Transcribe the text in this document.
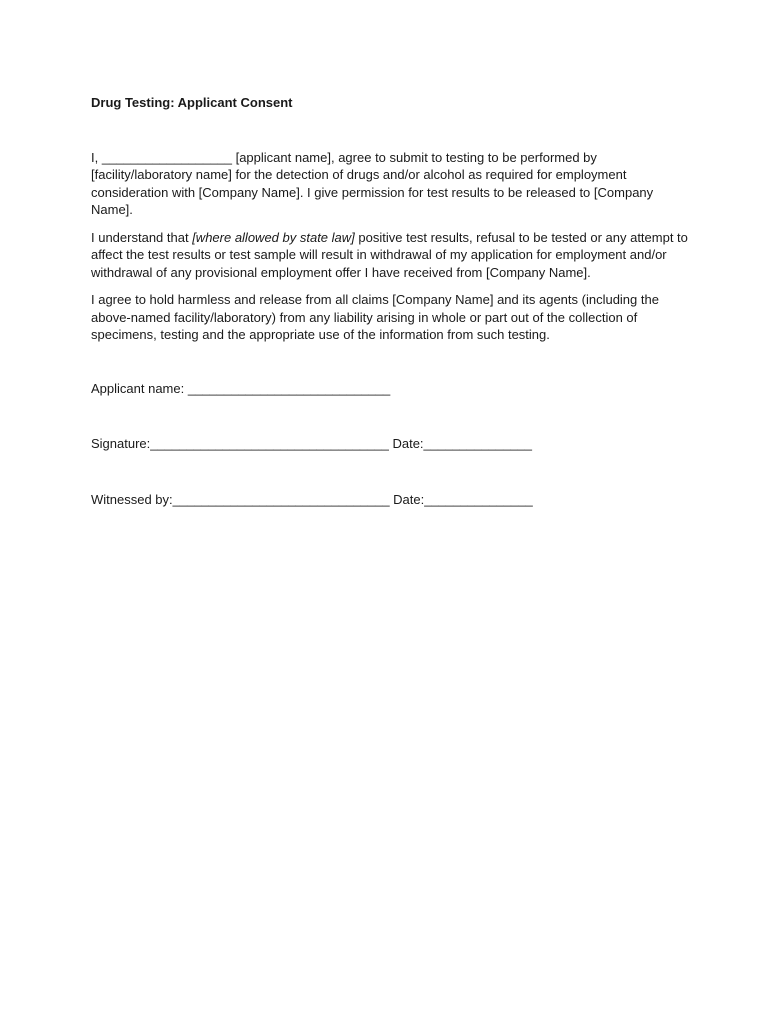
Drug Testing: Applicant Consent

I, __________________ [applicant name], agree to submit to testing to be performed by [facility/laboratory name] for the detection of drugs and/or alcohol as required for employment consideration with [Company Name]. I give permission for test results to be released to [Company Name].

I understand that [where allowed by state law] positive test results, refusal to be tested or any attempt to affect the test results or test sample will result in withdrawal of my application for employment and/or withdrawal of any provisional employment offer I have received from [Company Name].

I agree to hold harmless and release from all claims [Company Name] and its agents (including the above-named facility/laboratory) from any liability arising in whole or part out of the collection of specimens, testing and the appropriate use of the information from such testing.

Applicant name: ____________________________

Signature:_________________________________ Date:_______________

Witnessed by:______________________________ Date:_______________
